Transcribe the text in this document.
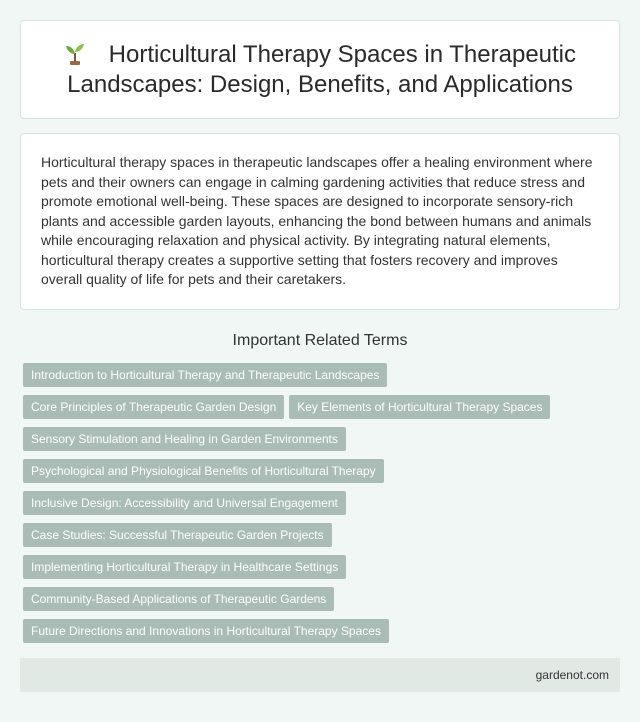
Horticultural Therapy Spaces in Therapeutic Landscapes: Design, Benefits, and Applications

Horticultural therapy spaces in therapeutic landscapes offer a healing environment where pets and their owners can engage in calming gardening activities that reduce stress and promote emotional well-being. These spaces are designed to incorporate sensory-rich plants and accessible garden layouts, enhancing the bond between humans and animals while encouraging relaxation and physical activity. By integrating natural elements, horticultural therapy creates a supportive setting that fosters recovery and improves overall quality of life for pets and their caretakers.

Important Related Terms
Introduction to Horticultural Therapy and Therapeutic Landscapes
Core Principles of Therapeutic Garden Design Key Elements of Horticultural Therapy Spaces
Sensory Stimulation and Healing in Garden Environments
Psychological and Physiological Benefits of Horticultural Therapy
Inclusive Design: Accessibility and Universal Engagement
Case Studies: Successful Therapeutic Garden Projects
Implementing Horticultural Therapy in Healthcare Settings
Community-Based Applications of Therapeutic Gardens
Future Directions and Innovations in Horticultural Therapy Spaces
gardenot.com
